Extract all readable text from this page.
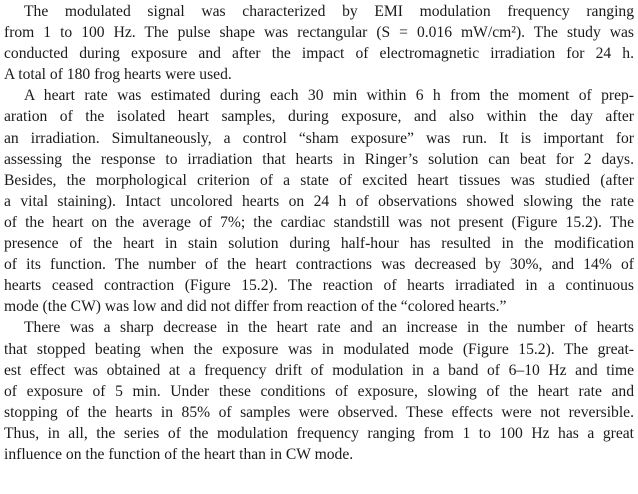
The modulated signal was characterized by EMI modulation frequency ranging
from 1 to 100 Hz. The pulse shape was rectangular (S = 0.016 mW/cm²). The study was
conducted during exposure and after the impact of electromagnetic irradiation for 24 h.
A total of 180 frog hearts were used.
A heart rate was estimated during each 30 min within 6 h from the moment of prep-
aration of the isolated heart samples, during exposure, and also within the day after
an irradiation. Simultaneously, a control “sham exposure” was run. It is important for
assessing the response to irradiation that hearts in Ringer’s solution can beat for 2 days.
Besides, the morphological criterion of a state of excited heart tissues was studied (after
a vital staining). Intact uncolored hearts on 24 h of observations showed slowing the rate
of the heart on the average of 7%; the cardiac standstill was not present (Figure 15.2). The
presence of the heart in stain solution during half-hour has resulted in the modification
of its function. The number of the heart contractions was decreased by 30%, and 14% of
hearts ceased contraction (Figure 15.2). The reaction of hearts irradiated in a continuous
mode (the CW) was low and did not differ from reaction of the “colored hearts.”
There was a sharp decrease in the heart rate and an increase in the number of hearts
that stopped beating when the exposure was in modulated mode (Figure 15.2). The great-
est effect was obtained at a frequency drift of modulation in a band of 6–10 Hz and time
of exposure of 5 min. Under these conditions of exposure, slowing of the heart rate and
stopping of the hearts in 85% of samples were observed. These effects were not reversible.
Thus, in all, the series of the modulation frequency ranging from 1 to 100 Hz has a great
influence on the function of the heart than in CW mode.
